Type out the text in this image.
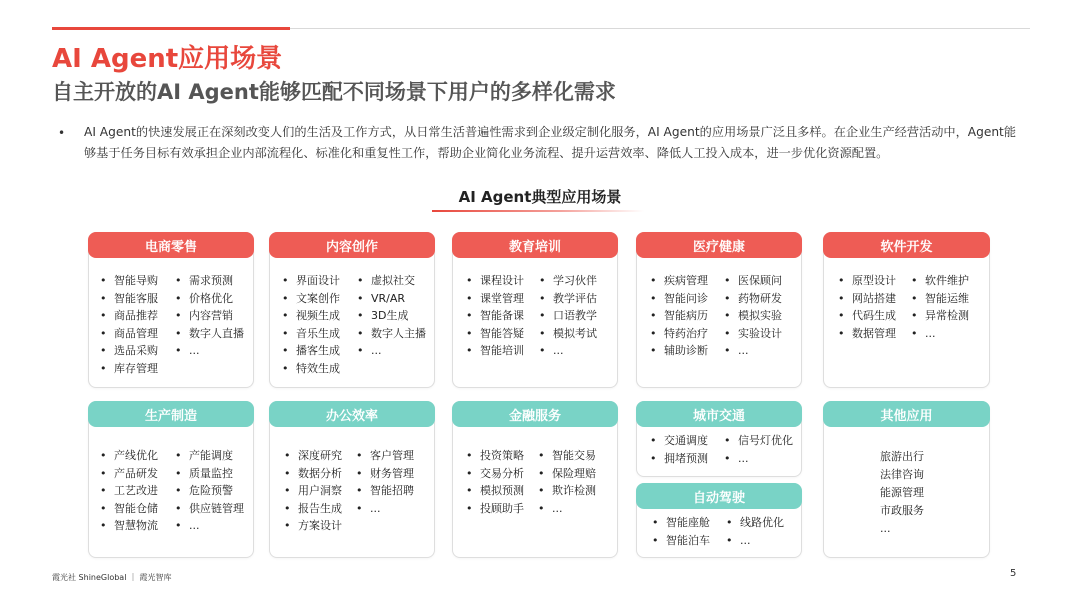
AI Agent应用场景
自主开放的AI Agent能够匹配不同场景下用户的多样化需求
• AI Agent的快速发展正在深刻改变人们的生活及工作方式，从日常生活普遍性需求到企业级定制化服务，AI Agent的应用场景广泛且多样。在企业生产经营活动中，Agent能够基于任务目标有效承担企业内部流程化、标准化和重复性工作，帮助企业简化业务流程、提升运营效率、降低人工投入成本，进一步优化资源配置。
AI Agent典型应用场景
电商零售
• 智能导购
• 智能客服
• 商品推荐
• 商品管理
• 选品采购
• 库存管理
• 需求预测
• 价格优化
• 内容营销
• 数字人直播
• ...
内容创作
• 界面设计
• 文案创作
• 视频生成
• 音乐生成
• 播客生成
• 特效生成
• 虚拟社交
• VR/AR
• 3D生成
• 数字人主播
• ...
教育培训
• 课程设计
• 课堂管理
• 智能备课
• 智能答疑
• 智能培训
• 学习伙伴
• 教学评估
• 口语教学
• 模拟考试
• ...
医疗健康
• 疾病管理
• 智能问诊
• 智能病历
• 特药治疗
• 辅助诊断
• 医保顾问
• 药物研发
• 模拟实验
• 实验设计
• ...
软件开发
• 原型设计
• 网站搭建
• 代码生成
• 数据管理
• 软件维护
• 智能运维
• 异常检测
• ...
生产制造
• 产线优化
• 产品研发
• 工艺改进
• 智能仓储
• 智慧物流
• 产能调度
• 质量监控
• 危险预警
• 供应链管理
• ...
办公效率
• 深度研究
• 数据分析
• 用户洞察
• 报告生成
• 方案设计
• 客户管理
• 财务管理
• 智能招聘
• ...
金融服务
• 投资策略
• 交易分析
• 模拟预测
• 投顾助手
• 智能交易
• 保险理赔
• 欺诈检测
• ...
城市交通
• 交通调度
• 拥堵预测
• 信号灯优化
• ...
自动驾驶
• 智能座舱
• 智能泊车
• 线路优化
• ...
其他应用
旅游出行
法律咨询
能源管理
市政服务
...
霞光社 ShineGlobal ｜ 霞光智库	5
